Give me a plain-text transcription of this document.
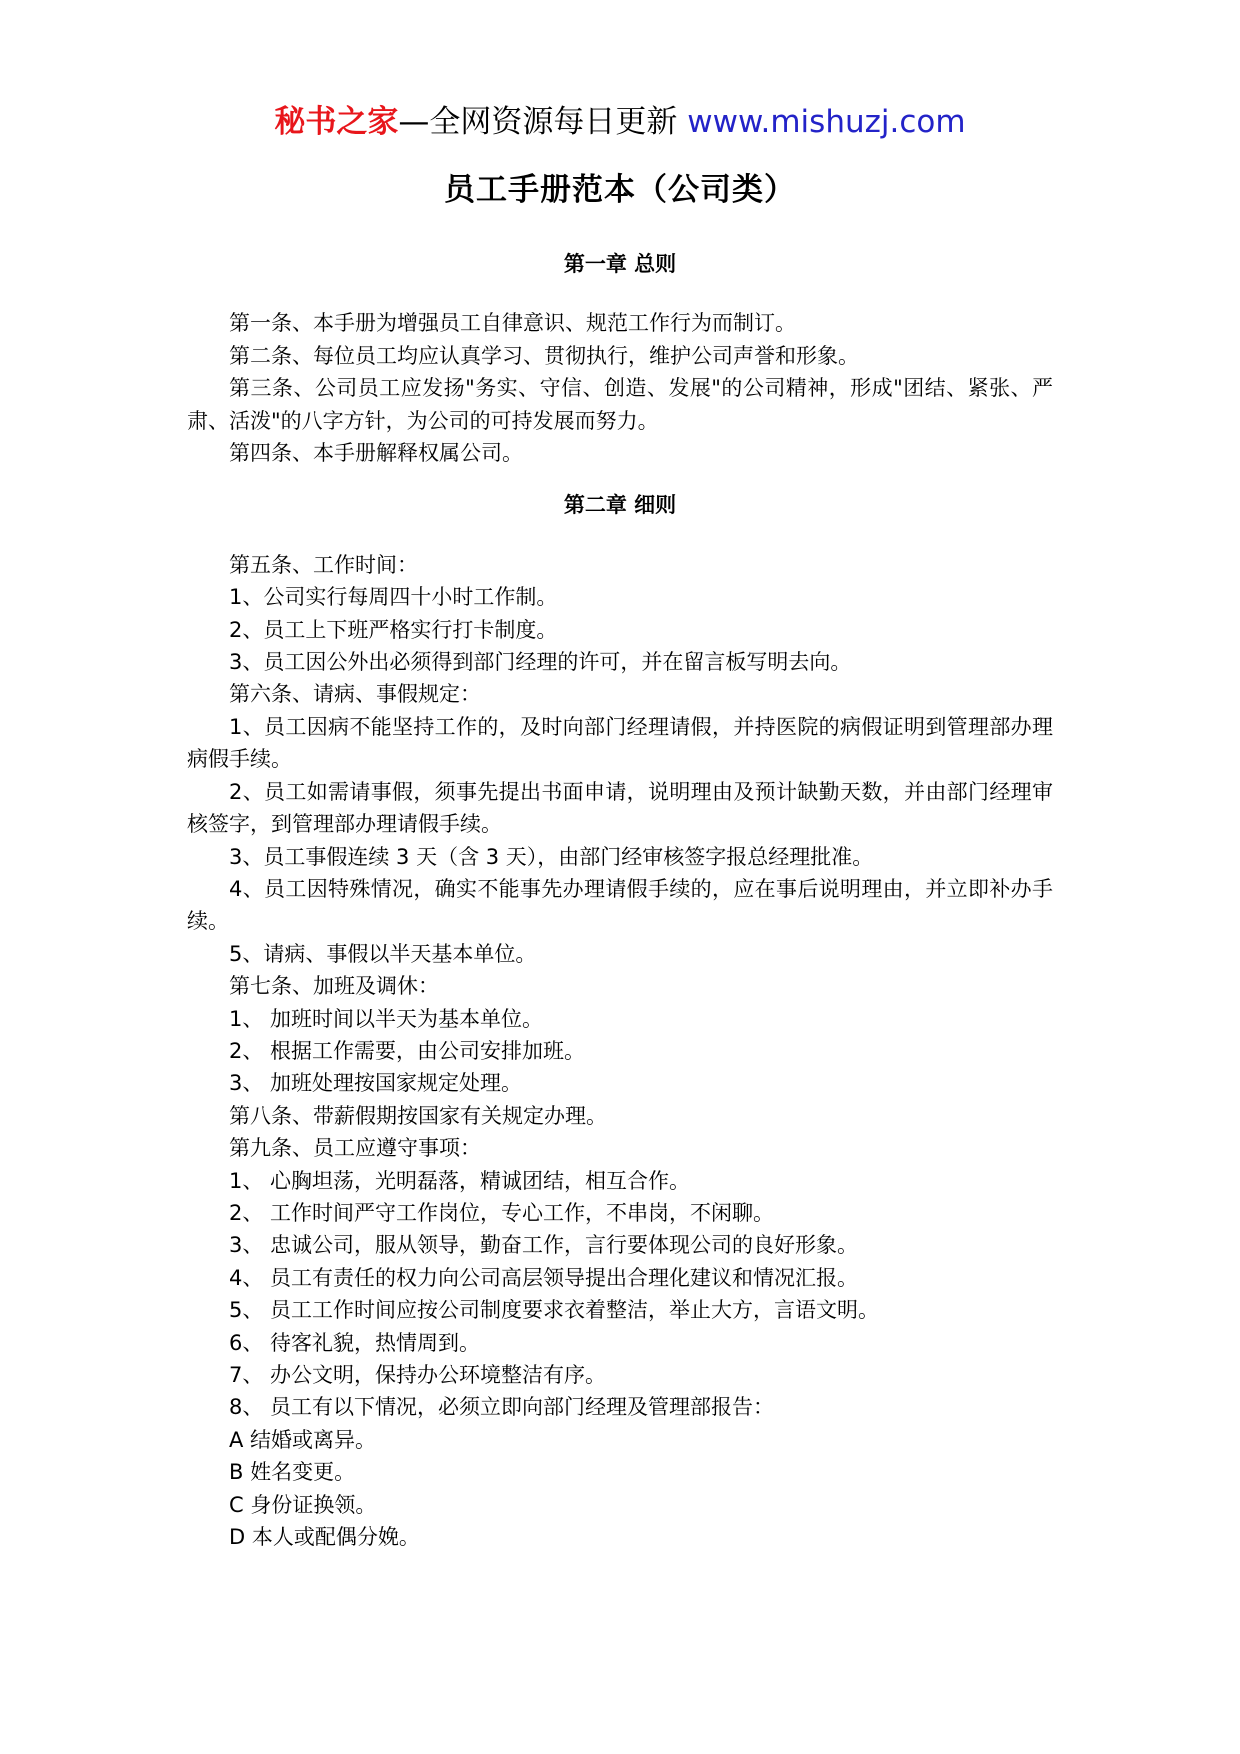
秘书之家—全网资源每日更新 www.mishuzj.com
员工手册范本（公司类）

第一章 总则

第一条、本手册为增强员工自律意识、规范工作行为而制订。

第二条、每位员工均应认真学习、贯彻执行，维护公司声誉和形象。

第三条、公司员工应发扬"务实、守信、创造、发展"的公司精神，形成"团结、紧张、严肃、活泼"的八字方针，为公司的可持发展而努力。

第四条、本手册解释权属公司。

第二章 细则

第五条、工作时间：

1、公司实行每周四十小时工作制。

2、员工上下班严格实行打卡制度。

3、员工因公外出必须得到部门经理的许可，并在留言板写明去向。

第六条、请病、事假规定：

1、员工因病不能坚持工作的，及时向部门经理请假，并持医院的病假证明到管理部办理病假手续。

2、员工如需请事假，须事先提出书面申请，说明理由及预计缺勤天数，并由部门经理审核签字，到管理部办理请假手续。

3、员工事假连续 3 天（含 3 天），由部门经审核签字报总经理批准。

4、员工因特殊情况，确实不能事先办理请假手续的，应在事后说明理由，并立即补办手续。

5、请病、事假以半天基本单位。

第七条、加班及调休：

1、 加班时间以半天为基本单位。

2、 根据工作需要，由公司安排加班。

3、 加班处理按国家规定处理。

第八条、带薪假期按国家有关规定办理。

第九条、员工应遵守事项：

1、 心胸坦荡，光明磊落，精诚团结，相互合作。

2、 工作时间严守工作岗位，专心工作，不串岗，不闲聊。

3、 忠诚公司，服从领导，勤奋工作，言行要体现公司的良好形象。

4、 员工有责任的权力向公司高层领导提出合理化建议和情况汇报。

5、 员工工作时间应按公司制度要求衣着整洁，举止大方，言语文明。

6、 待客礼貌，热情周到。

7、 办公文明，保持办公环境整洁有序。

8、 员工有以下情况，必须立即向部门经理及管理部报告：

A 结婚或离异。

B 姓名变更。

C 身份证换领。

D 本人或配偶分娩。
